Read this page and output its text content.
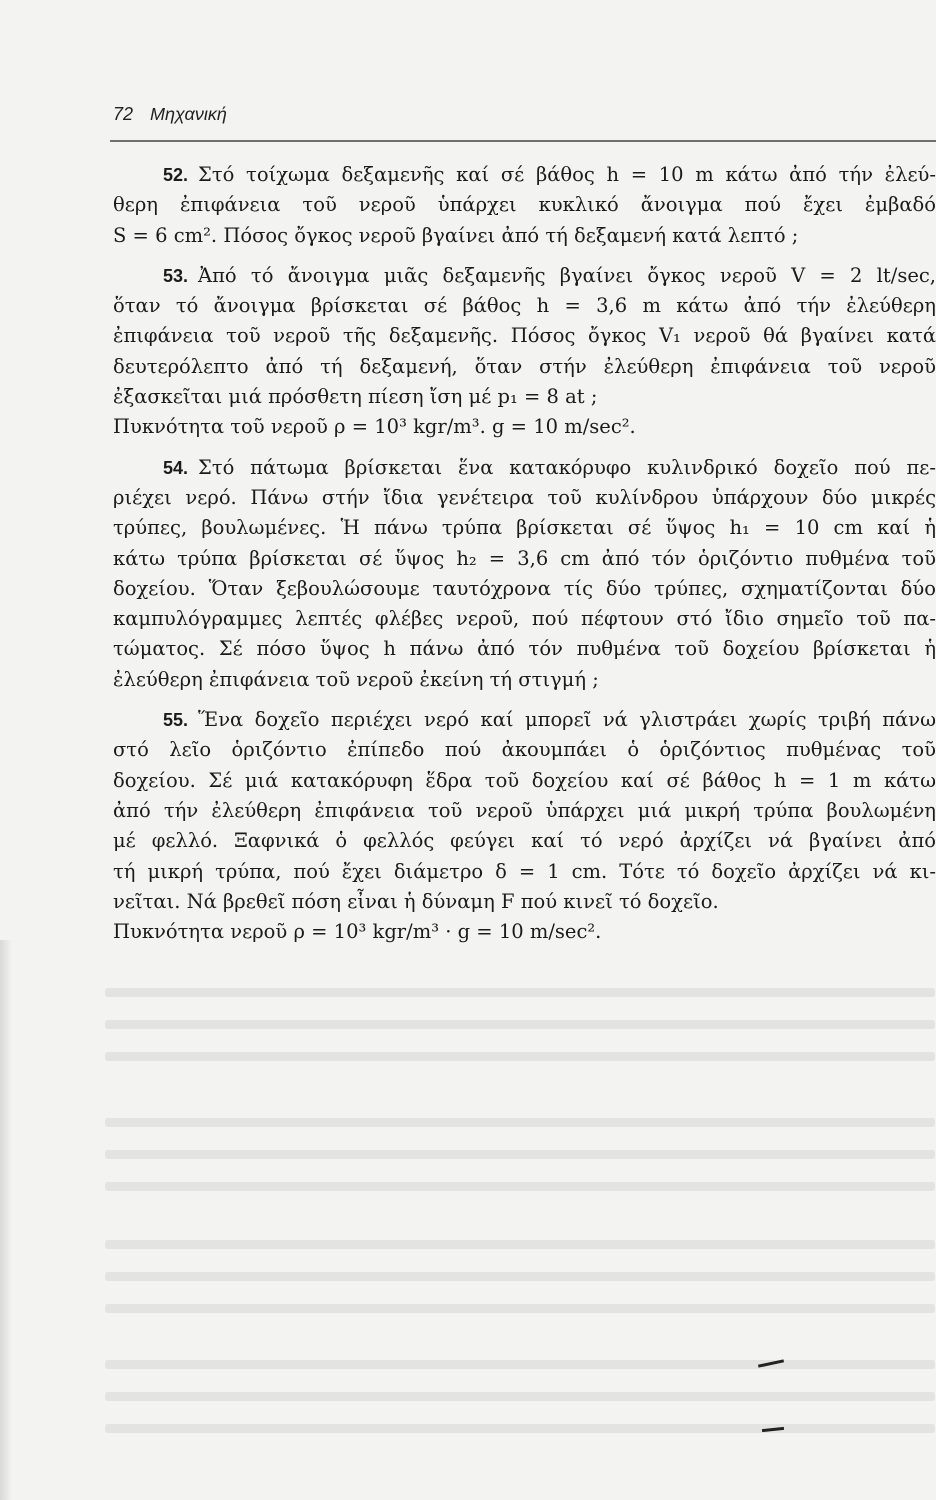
72 Μηχανική
52. Στό τοίχωμα δεξαμενῆς καί σέ βάθος h = 10 m κάτω ἀπό τήν ἐλεύ-
θερη ἐπιφάνεια τοῦ νεροῦ ὑπάρχει κυκλικό ἄνοιγμα πού ἔχει ἐμβαδό
S = 6 cm². Πόσος ὄγκος νεροῦ βγαίνει ἀπό τή δεξαμενή κατά λεπτό ;
53. Ἀπό τό ἄνοιγμα μιᾶς δεξαμενῆς βγαίνει ὄγκος νεροῦ V = 2 lt/sec,
ὅταν τό ἄνοιγμα βρίσκεται σέ βάθος h = 3,6 m κάτω ἀπό τήν ἐλεύθερη
ἐπιφάνεια τοῦ νεροῦ τῆς δεξαμενῆς. Πόσος ὄγκος V₁ νεροῦ θά βγαίνει κατά
δευτερόλεπτο ἀπό τή δεξαμενή, ὅταν στήν ἐλεύθερη ἐπιφάνεια τοῦ νεροῦ
ἐξασκεῖται μιά πρόσθετη πίεση ἴση μέ p₁ = 8 at ;
Πυκνότητα τοῦ νεροῦ ρ = 10³ kgr/m³. g = 10 m/sec².
54. Στό πάτωμα βρίσκεται ἕνα κατακόρυφο κυλινδρικό δοχεῖο πού πε-
ριέχει νερό. Πάνω στήν ἴδια γενέτειρα τοῦ κυλίνδρου ὑπάρχουν δύο μικρές
τρύπες, βουλωμένες. Ἡ πάνω τρύπα βρίσκεται σέ ὕψος h₁ = 10 cm καί ἡ
κάτω τρύπα βρίσκεται σέ ὕψος h₂ = 3,6 cm ἀπό τόν ὁριζόντιο πυθμένα τοῦ
δοχείου. Ὅταν ξεβουλώσουμε ταυτόχρονα τίς δύο τρύπες, σχηματίζονται δύο
καμπυλόγραμμες λεπτές φλέβες νεροῦ, πού πέφτουν στό ἴδιο σημεῖο τοῦ πα-
τώματος. Σέ πόσο ὕψος h πάνω ἀπό τόν πυθμένα τοῦ δοχείου βρίσκεται ἡ
ἐλεύθερη ἐπιφάνεια τοῦ νεροῦ ἐκείνη τή στιγμή ;
55. Ἕνα δοχεῖο περιέχει νερό καί μπορεῖ νά γλιστράει χωρίς τριβή πάνω
στό λεῖο ὁριζόντιο ἐπίπεδο πού ἀκουμπάει ὁ ὁριζόντιος πυθμένας τοῦ
δοχείου. Σέ μιά κατακόρυφη ἕδρα τοῦ δοχείου καί σέ βάθος h = 1 m κάτω
ἀπό τήν ἐλεύθερη ἐπιφάνεια τοῦ νεροῦ ὑπάρχει μιά μικρή τρύπα βουλωμένη
μέ φελλό. Ξαφνικά ὁ φελλός φεύγει καί τό νερό ἀρχίζει νά βγαίνει ἀπό
τή μικρή τρύπα, πού ἔχει διάμετρο δ = 1 cm. Τότε τό δοχεῖο ἀρχίζει νά κι-
νεῖται. Νά βρεθεῖ πόση εἶναι ἡ δύναμη F πού κινεῖ τό δοχεῖο.
Πυκνότητα νεροῦ ρ = 10³ kgr/m³ · g = 10 m/sec².
